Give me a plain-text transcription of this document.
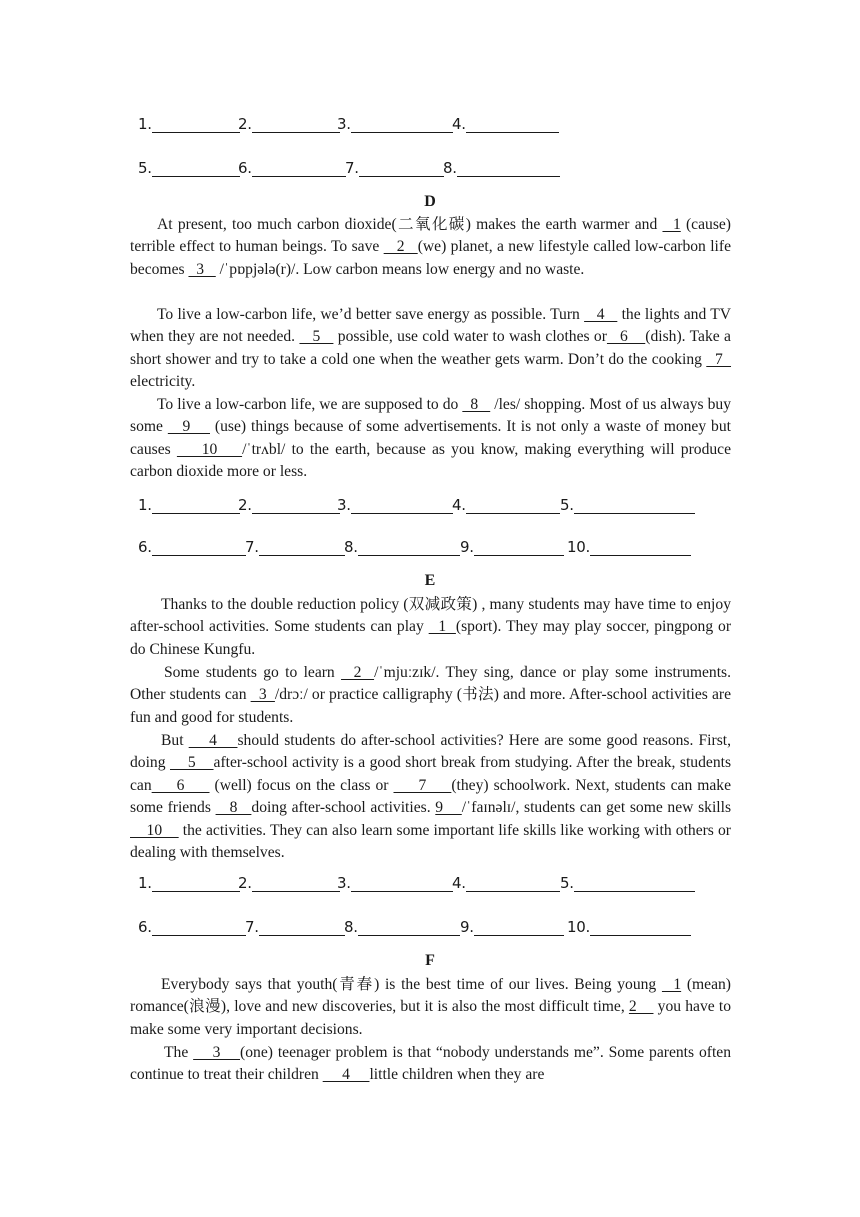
1.	2.	3.	4.
5.	6.	7.	8.
D
At present, too much carbon dioxide(二氧化碳) makes the earth warmer and   1 (cause) terrible effect to human beings. To save    2   (we) planet, a new lifestyle called low-carbon life becomes   3    /ˈpɒpjələ(r)/. Low carbon means low energy and no waste.
To live a low-carbon life, we’d better save energy as possible. Turn    4    the lights and TV when they are not needed.    5    possible, use cold water to wash clothes or   6    (dish). Take a short shower and try to take a cold one when the weather gets warm. Don’t do the cooking   7   electricity.
To live a low-carbon life, we are supposed to do   8    /les/ shopping. Most of us always buy some    9     (use) things because of some advertisements. It is not only a waste of money but causes     10    /ˈtrʌbl/ to the earth, because as you know, making everything will produce carbon dioxide more or less.
1.	2.	3.	4.	5.
6.	7.	8.	9.	10.
E
Thanks to the double reduction policy (双减政策) , many students may have time to enjoy after-school activities. Some students can play   1  (sport). They may play soccer, pingpong or do Chinese Kungfu.
Some students go to learn   2  /ˈmjuːzɪk/. They sing, dance or play some instruments. Other students can   3  /drɔː/ or practice calligraphy (书法) and more. After-school activities are fun and good for students.
But     4    should students do after-school activities? Here are some good reasons. First, doing     5    after-school activity is a good short break from studying. After the break, students can     6      (well) focus on the class or      7     (they) schoolwork. Next, students can make some friends    8   doing after-school activities. 9    /ˈfaɪnəlɪ/, students can get some new skills     10     the activities. They can also learn some important life skills like working with others or dealing with themselves.
1.	2.	3.	4.	5.
6.	7.	8.	9.	10.
F
Everybody says that youth(青春) is the best time of our lives. Being young   1 (mean) romance(浪漫), love and new discoveries, but it is also the most difficult time, 2     you have to make some very important decisions.
The     3    (one) teenager problem is that “nobody understands me”. Some parents often continue to treat their children      4     little children when they are
